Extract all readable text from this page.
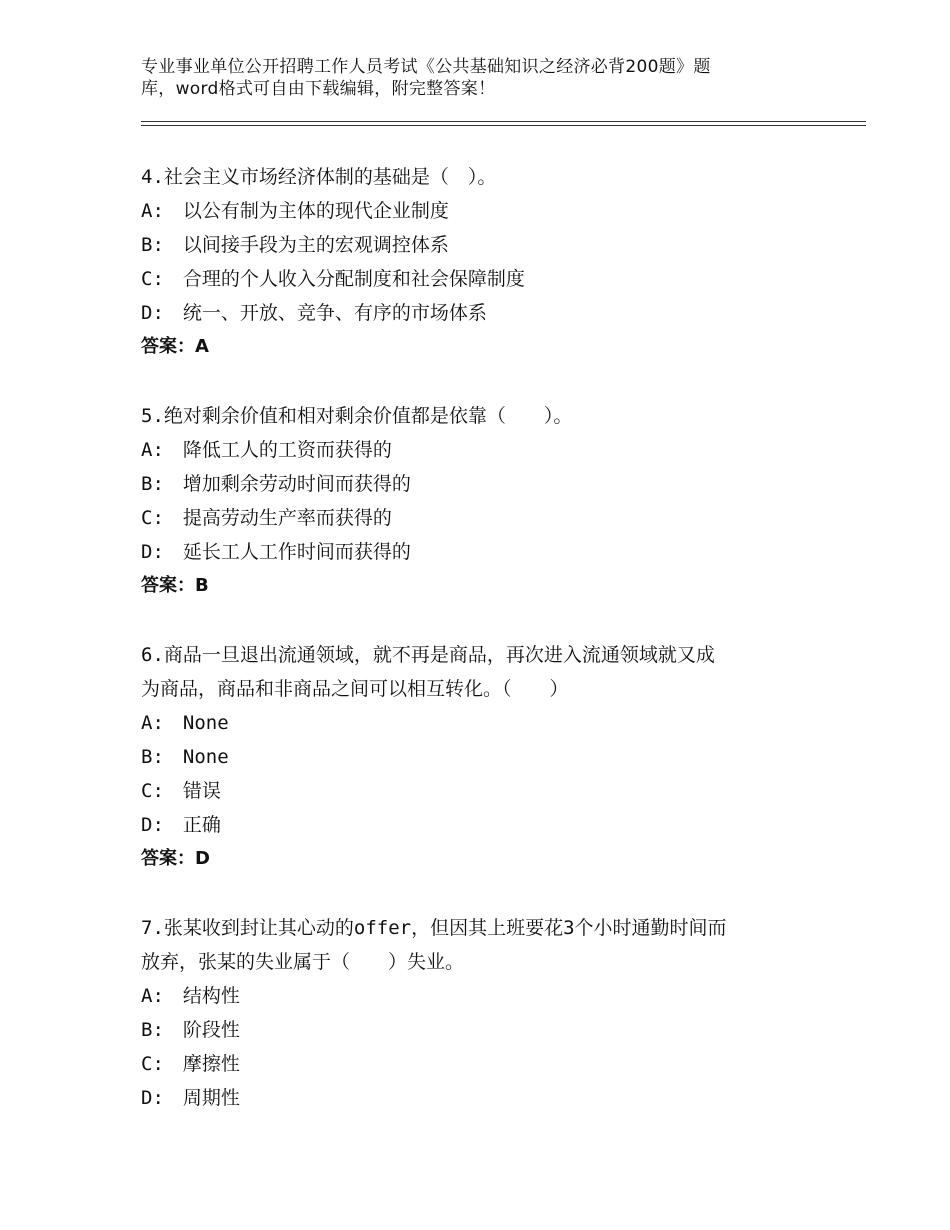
专业事业单位公开招聘工作人员考试《公共基础知识之经济必背200题》题
库，word格式可自由下载编辑，附完整答案！
4.社会主义市场经济体制的基础是（　）。
A:　以公有制为主体的现代企业制度
B:　以间接手段为主的宏观调控体系
C:　合理的个人收入分配制度和社会保障制度
D:　统一、开放、竞争、有序的市场体系
答案：A
5.绝对剩余价值和相对剩余价值都是依靠（　　）。
A:　降低工人的工资而获得的
B:　增加剩余劳动时间而获得的
C:　提高劳动生产率而获得的
D:　延长工人工作时间而获得的
答案：B
6.商品一旦退出流通领域，就不再是商品，再次进入流通领域就又成
为商品，商品和非商品之间可以相互转化。（　　）
A:　None
B:　None
C:　错误
D:　正确
答案：D
7.张某收到封让其心动的offer，但因其上班要花3个小时通勤时间而
放弃，张某的失业属于（　　）失业。
A:　结构性
B:　阶段性
C:　摩擦性
D:　周期性
